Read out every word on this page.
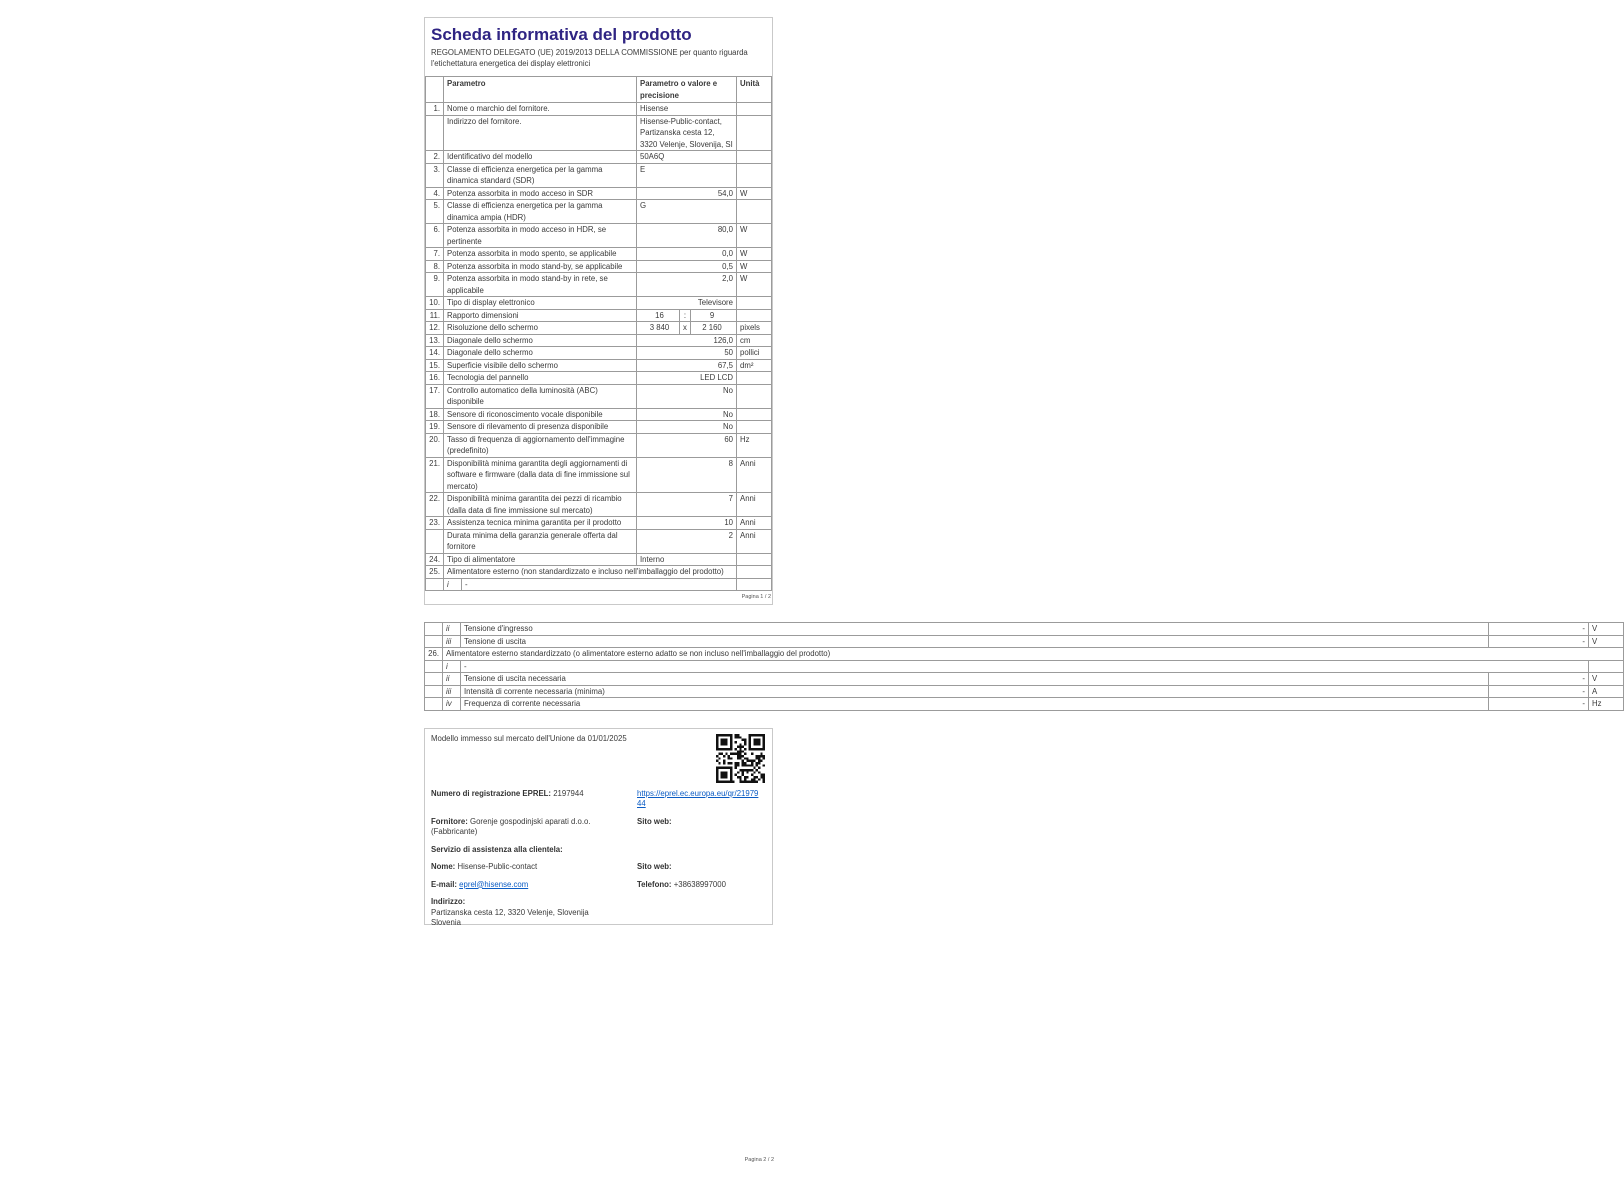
Scheda informativa del prodotto

REGOLAMENTO DELEGATO (UE) 2019/2013 DELLA COMMISSIONE per quanto riguarda l'etichettatura energetica dei display elettronici

	Parametro		Parametro o valore e precisione	Unità
1.	Nome o marchio del fornitore.		Hisense	
	Indirizzo del fornitore.		Hisense-Public-contact, Partizanska cesta 12, 3320 Velenje, Slovenija, SI	
2.	Identificativo del modello		50A6Q	
3.	Classe di efficienza energetica per la gamma dinamica standard (SDR)		E	
4.	Potenza assorbita in modo acceso in SDR		54,0	W
5.	Classe di efficienza energetica per la gamma dinamica ampia (HDR)		G	
6.	Potenza assorbita in modo acceso in HDR, se pertinente		80,0	W
7.	Potenza assorbita in modo spento, se applicabile		0,0	W
8.	Potenza assorbita in modo stand-by, se applicabile		0,5	W
9.	Potenza assorbita in modo stand-by in rete, se applicabile		2,0	W
10.	Tipo di display elettronico		Televisore	
11.	Rapporto dimensioni		16 : 9	

12.	Risoluzione dello schermo		3 840 x 2 160	pixels
13.	Diagonale dello schermo		126,0	cm
14.	Diagonale dello schermo		50	pollici
15.	Superficie visibile dello schermo		67,5	dm²
16.	Tecnologia del pannello		LED LCD	
17.	Controllo automatico della luminosità (ABC) disponibile		No	
18.	Sensore di riconoscimento vocale disponibile		No	
19.	Sensore di rilevamento di presenza disponibile		No	
20.	Tasso di frequenza di aggiornamento dell'immagine (predefinito)		60	Hz
21.	Disponibilità minima garantita degli aggiornamenti di software e firmware (dalla data di fine immissione sul mercato)		8	Anni
22.	Disponibilità minima garantita dei pezzi di ricambio (dalla data di fine immissione sul mercato)		7	Anni
23.	Assistenza tecnica minima garantita per il prodotto		10	Anni
	Durata minima della garanzia generale offerta dal fornitore		2	Anni
24.	Tipo di alimentatore		Interno	
25.	Alimentatore esterno (non standardizzato e incluso nell'imballaggio del prodotto)			
	i	-		
Pagina 1 / 2
	ii	Tensione d'ingresso	-	V
	iii	Tensione di uscita	-	V
26.	Alimentatore esterno standardizzato (o alimentatore esterno adatto se non incluso nell'imballaggio del prodotto)			
	i	-		
	ii	Tensione di uscita necessaria	-	V
	iii	Intensità di corrente necessaria (minima)	-	A
	iv	Frequenza di corrente necessaria	-	Hz
Modello immesso sul mercato dell'Unione da 01/01/2025
Numero di registrazione EPREL: 2197944	https://eprel.ec.europa.eu/qr/2197944
Fornitore: Gorenje gospodinjski aparati d.o.o. (Fabbricante)
Sito web:
Servizio di assistenza alla clientela:
Nome: Hisense-Public-contact	Sito web:
E-mail: eprel@hisense.com	Telefono: +38638997000
Indirizzo:
Partizanska cesta 12, 3320 Velenje, Slovenija
Slovenia
Pagina 2 / 2
